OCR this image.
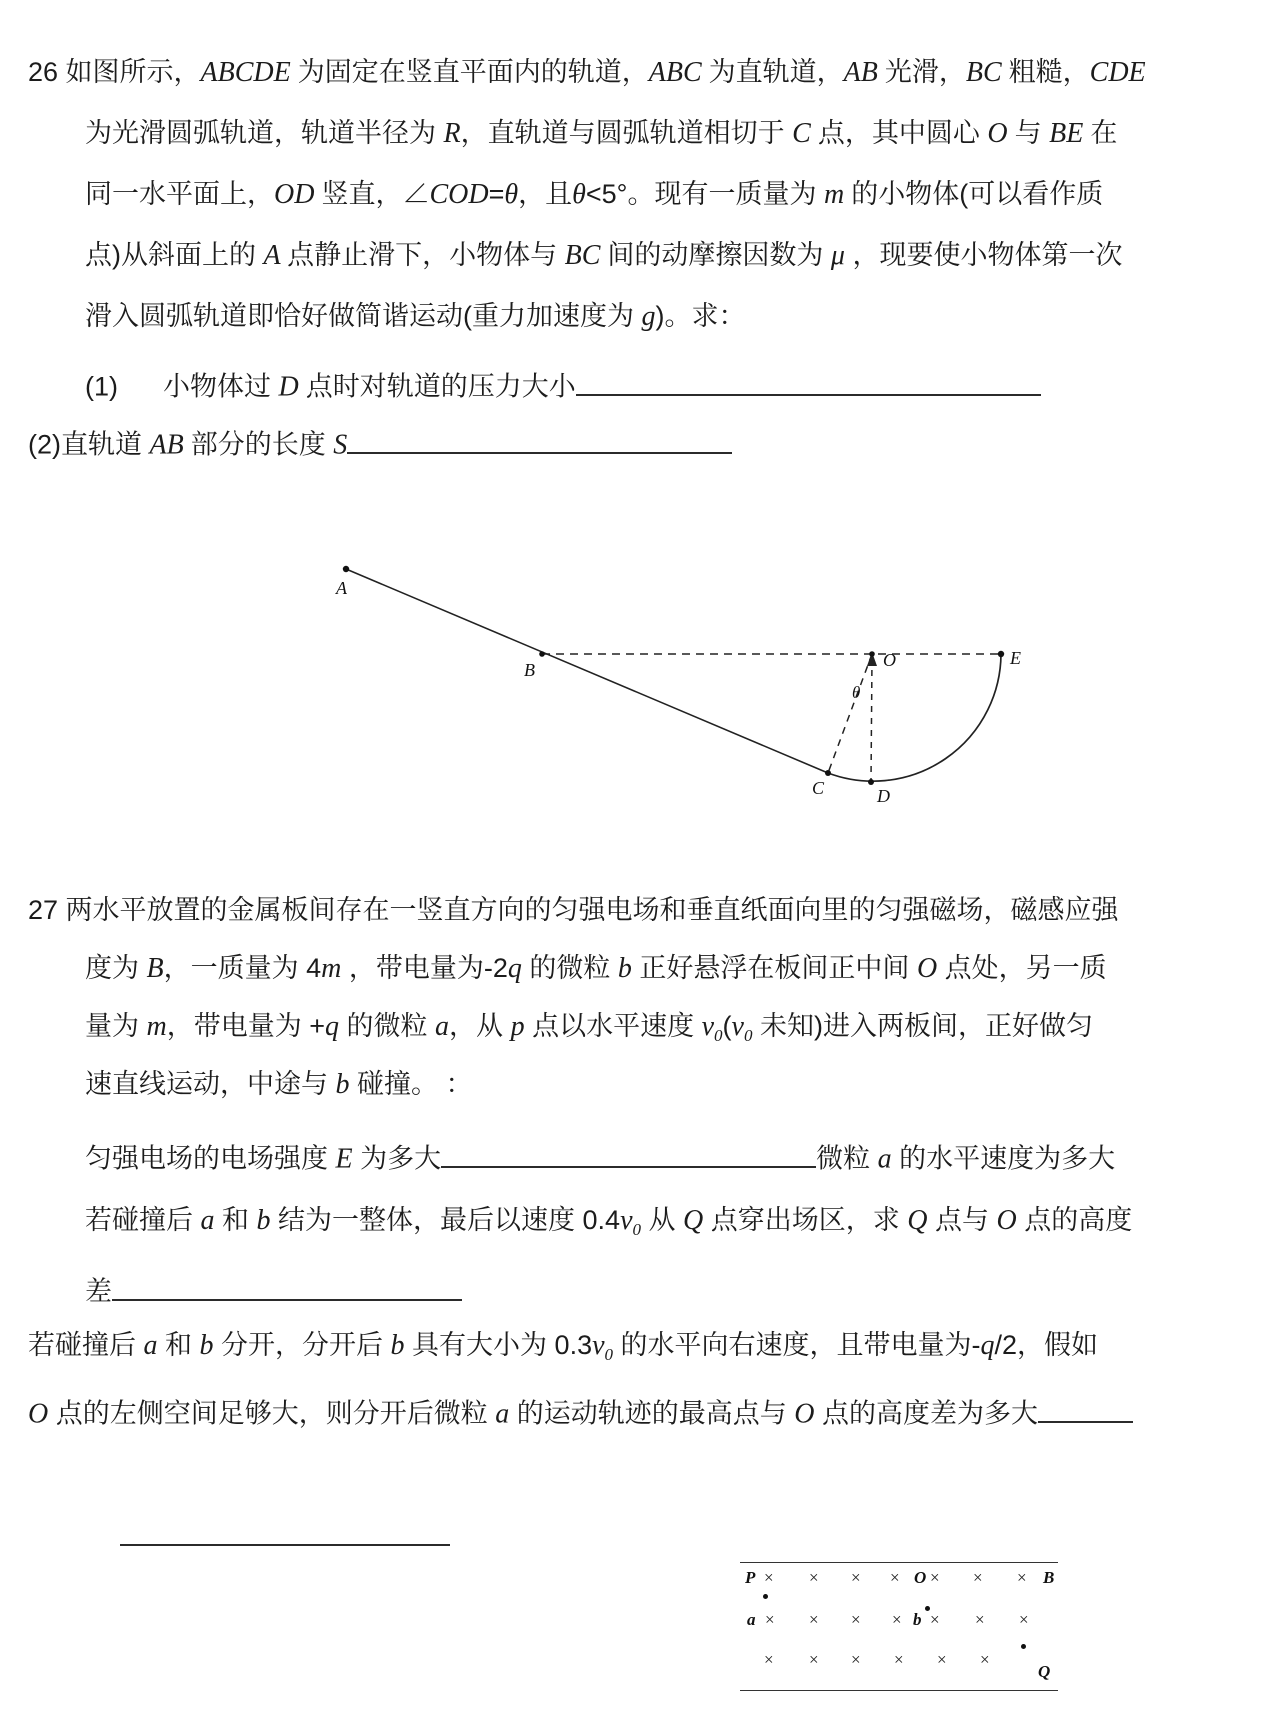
26 如图所示，ABCDE 为固定在竖直平面内的轨道，ABC 为直轨道，AB 光滑，BC 粗糙，CDE
为光滑圆弧轨道，轨道半径为 R，直轨道与圆弧轨道相切于 C 点，其中圆心 O 与 BE 在
同一水平面上，OD 竖直，∠COD=θ，且θ<5°。现有一质量为 m 的小物体(可以看作质
点)从斜面上的 A 点静止滑下，小物体与 BC 间的动摩擦因数为 μ ，现要使小物体第一次
滑入圆弧轨道即恰好做简谐运动(重力加速度为 g)。求：
(1)      小物体过 D 点时对轨道的压力大小
(2)直轨道 AB 部分的长度 S
27 两水平放置的金属板间存在一竖直方向的匀强电场和垂直纸面向里的匀强磁场，磁感应强
度为 B，一质量为 4m ，带电量为-2q 的微粒 b 正好悬浮在板间正中间 O 点处，另一质
量为 m，带电量为 +q 的微粒 a，从 p 点以水平速度 $v_0(v_0$ 未知)进入两板间，正好做匀
速直线运动，中途与 b 碰撞。 ：
匀强电场的电场强度 E 为多大	微粒 a 的水平速度为多大
若碰撞后 a 和 b 结为一整体，最后以速度 $0.4v_0$ 从 Q 点穿出场区，求 Q 点与 O 点的高度
差
若碰撞后 a 和 b 分开，分开后 b 具有大小为 $0.3v_0$ 的水平向右速度，且带电量为-q/2，假如
O 点的左侧空间足够大，则分开后微粒 a 的运动轨迹的最高点与 O 点的高度差为多大
A
B
C	D
O	E
θ
P × × × × O × × × B
a × × × × b × × ×
× × × × × ×
Q
